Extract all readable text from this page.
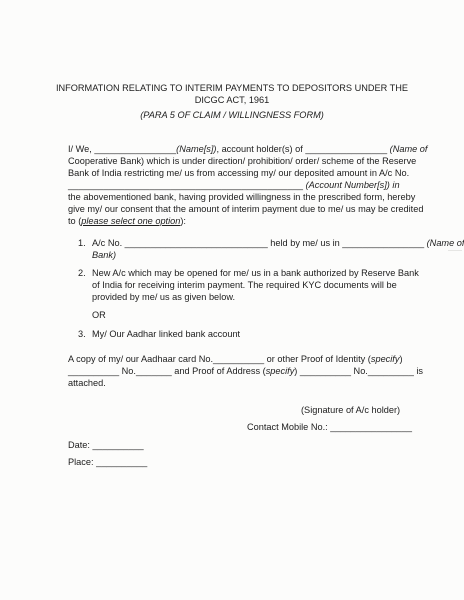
INFORMATION RELATING TO INTERIM PAYMENTS TO DEPOSITORS UNDER THE
DICGC ACT, 1961
(PARA 5 OF CLAIM / WILLINGNESS FORM)
I/ We, ________________(Name[s]), account holder(s) of ________________ (Name of
Cooperative Bank) which is under direction/ prohibition/ order/ scheme of the Reserve
Bank of India restricting me/ us from accessing my/ our deposited amount in A/c No.
______________________________________________ (Account Number[s]) in
the abovementioned bank, having provided willingness in the prescribed form, hereby
give my/ our consent that the amount of interim payment due to me/ us may be credited
to (please select one option):
1. A/c No. ____________________________ held by me/ us in ________________ (Name of
Bank)
2. New A/c which may be opened for me/ us in a bank authorized by Reserve Bank
of India for receiving interim payment. The required KYC documents will be
provided by me/ us as given below.
OR
3. My/ Our Aadhar linked bank account
A copy of my/ our Aadhaar card No.__________ or other Proof of Identity (specify)
__________ No._______ and Proof of Address (specify) __________ No._________ is
attached.
(Signature of A/c holder)
Contact Mobile No.: ________________
Date: __________
Place: __________
